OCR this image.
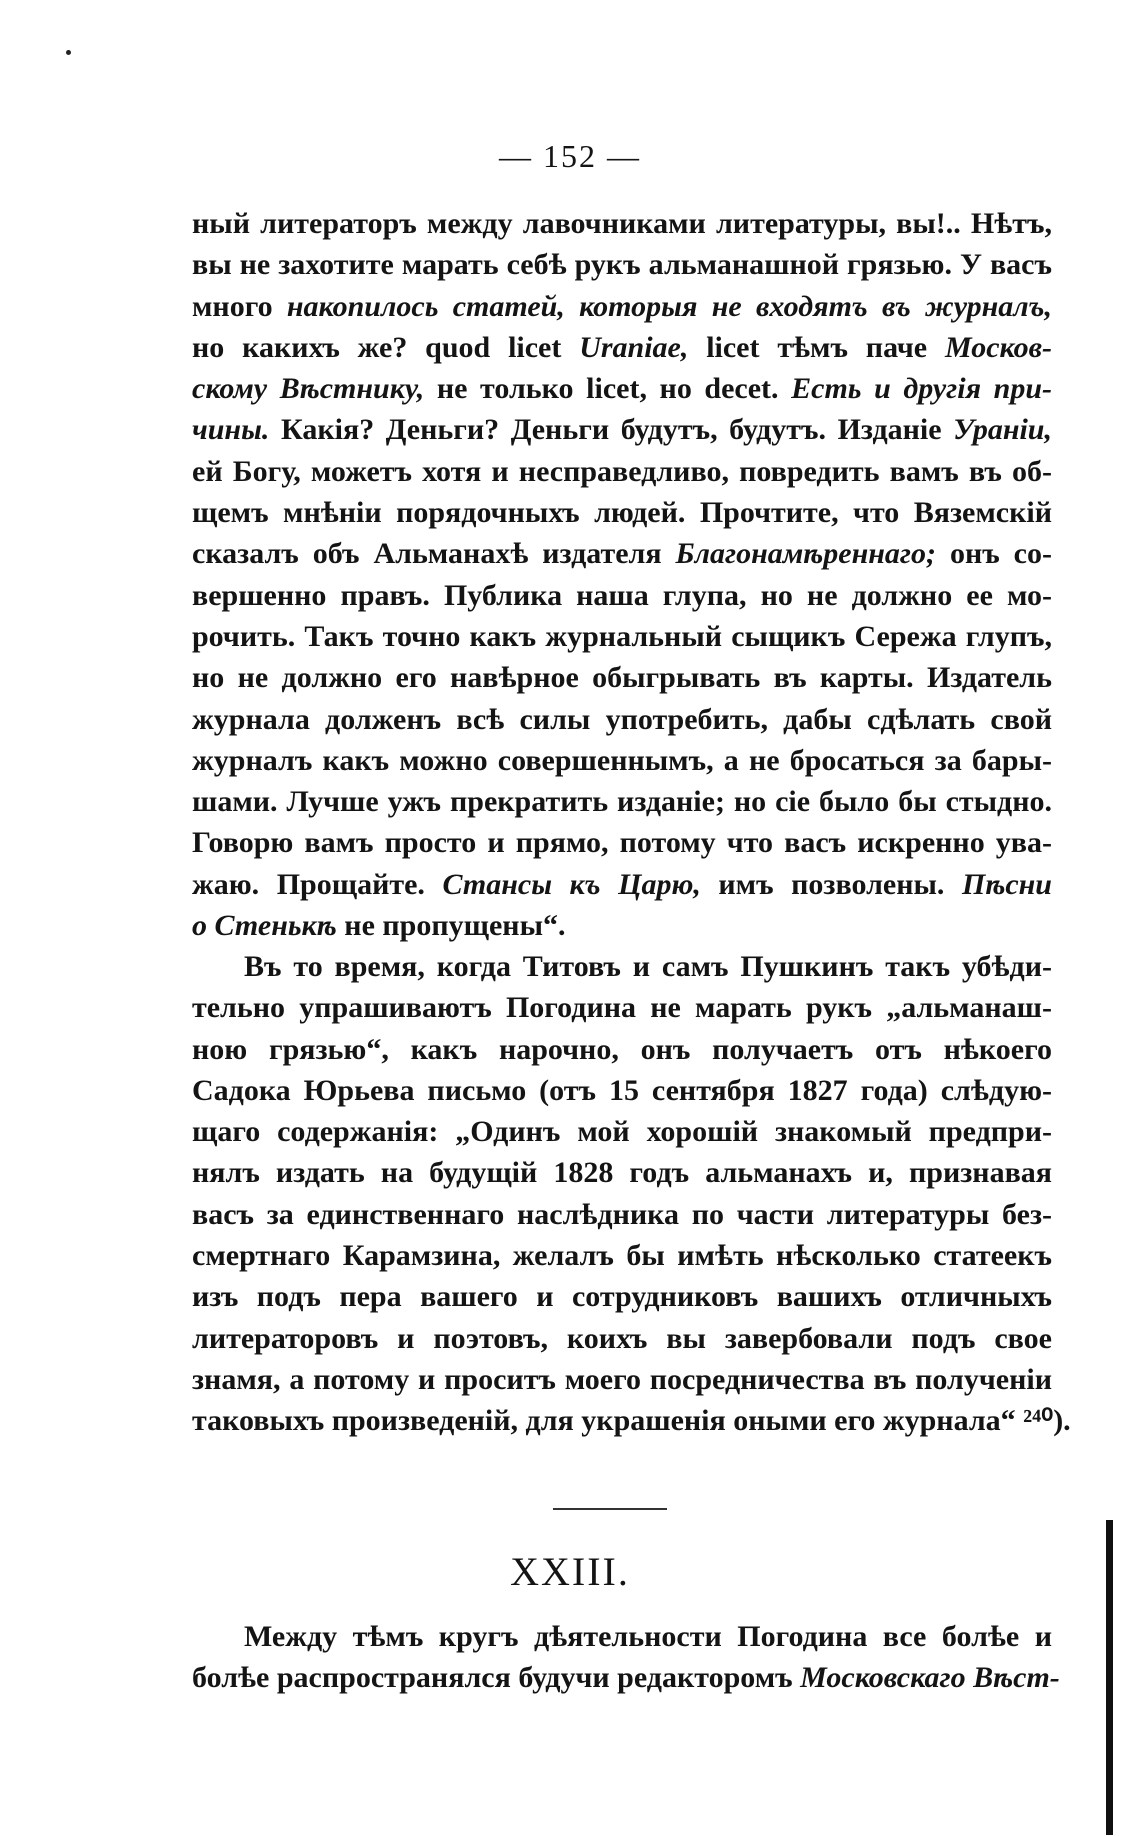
— 152 —
ный литераторъ между лавочниками литературы, вы!.. Нѣтъ,
вы не захотите марать себѣ рукъ альманашной грязью. У васъ
много накопилось статей, которыя не входятъ въ журналъ,
но какихъ же? quod licet Uraniae, licet тѣмъ паче Москов-
скому Вѣстнику, не только licet, но decet. Есть и другія при-
чины. Какія? Деньги? Деньги будутъ, будутъ. Изданіе Ураніи,
ей Богу, можетъ хотя и несправедливо, повредить вамъ въ об-
щемъ мнѣніи порядочныхъ людей. Прочтите, что Вяземскій
сказалъ объ Альманахѣ издателя Благонамѣреннаго; онъ со-
вершенно правъ. Публика наша глупа, но не должно ее мо-
рочить. Такъ точно какъ журнальный сыщикъ Сережа глупъ,
но не должно его навѣрное обыгрывать въ карты. Издатель
журнала долженъ всѣ силы употребить, дабы сдѣлать свой
журналъ какъ можно совершеннымъ, а не бросаться за бары-
шами. Лучше ужъ прекратить изданіе; но сіе было бы стыдно.
Говорю вамъ просто и прямо, потому что васъ искренно ува-
жаю. Прощайте. Стансы къ Царю, имъ позволены. Пѣсни
о Стенькѣ не пропущены“.
Въ то время, когда Титовъ и самъ Пушкинъ такъ убѣди-
тельно упрашиваютъ Погодина не марать рукъ „альманаш-
ною грязью“, какъ нарочно, онъ получаетъ отъ нѣкоего
Садока Юрьева письмо (отъ 15 сентября 1827 года) слѣдую-
щаго содержанія: „Одинъ мой хорошій знакомый предпри-
нялъ издать на будущій 1828 годъ альманахъ и, признавая
васъ за единственнаго наслѣдника по части литературы без-
смертнаго Карамзина, желалъ бы имѣть нѣсколько статеекъ
изъ подъ пера вашего и сотрудниковъ вашихъ отличныхъ
литераторовъ и поэтовъ, коихъ вы завербовали подъ свое
знамя, а потому и проситъ моего посредничества въ полученіи
таковыхъ произведеній, для украшенія оными его журнала“ ²⁴⁰).
XXIII.
Между тѣмъ кругъ дѣятельности Погодина все болѣе и
болѣе распространялся будучи редакторомъ Московскаго Вѣст-
